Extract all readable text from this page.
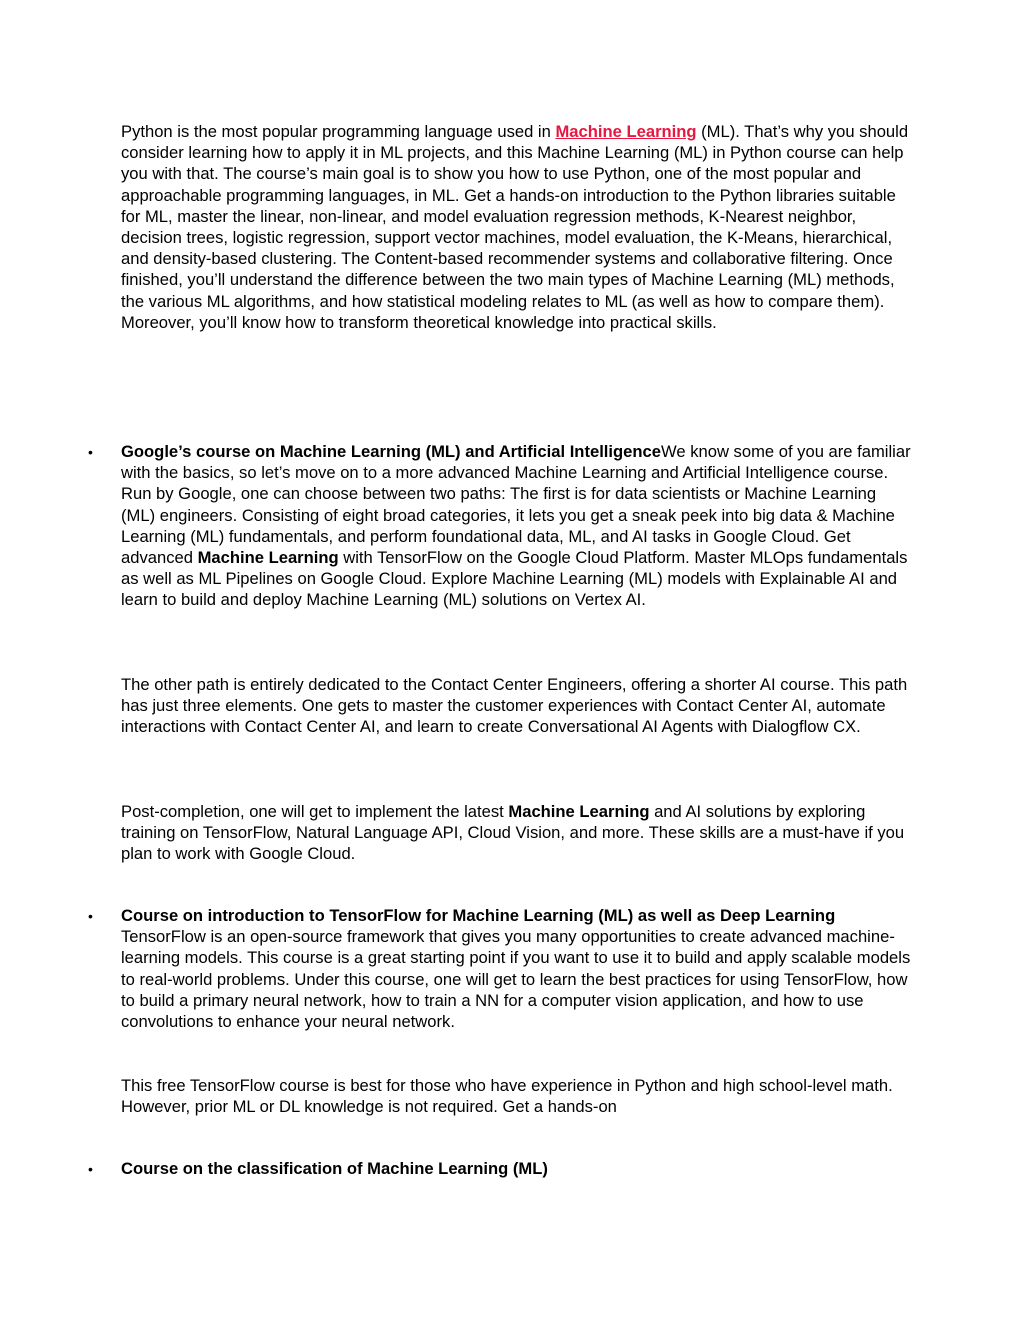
Python is the most popular programming language used in Machine Learning (ML). That’s why you should consider learning how to apply it in ML projects, and this Machine Learning (ML) in Python course can help you with that. The course’s main goal is to show you how to use Python, one of the most popular and approachable programming languages, in ML. Get a hands-on introduction to the Python libraries suitable for ML, master the linear, non-linear, and model evaluation regression methods, K-Nearest neighbor, decision trees, logistic regression, support vector machines, model evaluation, the K-Means, hierarchical, and density-based clustering. The Content-based recommender systems and collaborative filtering. Once finished, you’ll understand the difference between the two main types of Machine Learning (ML) methods, the various ML algorithms, and how statistical modeling relates to ML (as well as how to compare them). Moreover, you’ll know how to transform theoretical knowledge into practical skills.

•	Google’s course on Machine Learning (ML) and Artificial IntelligenceWe know some of you are familiar with the basics, so let’s move on to a more advanced Machine Learning and Artificial Intelligence course. Run by Google, one can choose between two paths: The first is for data scientists or Machine Learning (ML) engineers. Consisting of eight broad categories, it lets you get a sneak peek into big data & Machine Learning (ML) fundamentals, and perform foundational data, ML, and AI tasks in Google Cloud. Get advanced Machine Learning with TensorFlow on the Google Cloud Platform. Master MLOps fundamentals as well as ML Pipelines on Google Cloud. Explore Machine Learning (ML) models with Explainable AI and learn to build and deploy Machine Learning (ML) solutions on Vertex AI.

The other path is entirely dedicated to the Contact Center Engineers, offering a shorter AI course. This path has just three elements. One gets to master the customer experiences with Contact Center AI, automate interactions with Contact Center AI, and learn to create Conversational AI Agents with Dialogflow CX.

Post-completion, one will get to implement the latest Machine Learning and AI solutions by exploring training on TensorFlow, Natural Language API, Cloud Vision, and more. These skills are a must-have if you plan to work with Google Cloud.

•	Course on introduction to TensorFlow for Machine Learning (ML) as well as Deep Learning

TensorFlow is an open-source framework that gives you many opportunities to create advanced machine-learning models. This course is a great starting point if you want to use it to build and apply scalable models to real-world problems. Under this course, one will get to learn the best practices for using TensorFlow, how to build a primary neural network, how to train a NN for a computer vision application, and how to use convolutions to enhance your neural network.

This free TensorFlow course is best for those who have experience in Python and high school-level math. However, prior ML or DL knowledge is not required. Get a hands-on

•	Course on the classification of Machine Learning (ML)
